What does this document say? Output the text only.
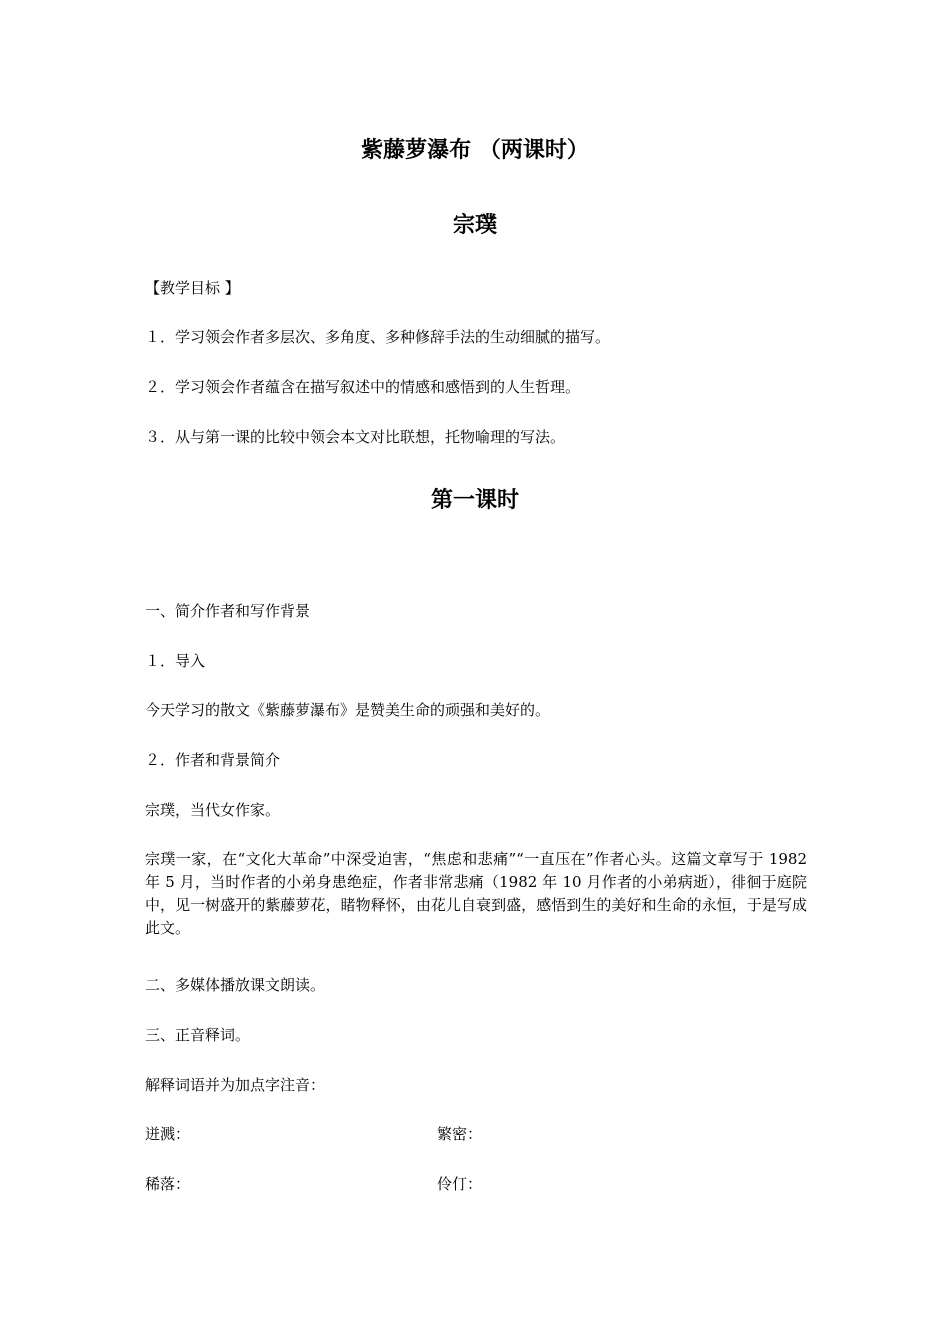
紫藤萝瀑布 （两课时）
宗璞
【教学目标 】
１．学习领会作者多层次、多角度、多种修辞手法的生动细腻的描写。
２．学习领会作者蕴含在描写叙述中的情感和感悟到的人生哲理。
３．从与第一课的比较中领会本文对比联想，托物喻理的写法。
第一课时
一、简介作者和写作背景
１．导入
今天学习的散文《紫藤萝瀑布》是赞美生命的顽强和美好的。
２．作者和背景简介
宗璞，当代女作家。
宗璞一家，在“文化大革命”中深受迫害，“焦虑和悲痛”“一直压在”作者心头。这篇文章写于 1982 年 5 月，当时作者的小弟身患绝症，作者非常悲痛（1982 年 10 月作者的小弟病逝），徘徊于庭院中，见一树盛开的紫藤萝花，睹物释怀，由花儿自衰到盛，感悟到生的美好和生命的永恒，于是写成此文。
二、多媒体播放课文朗读。
三、正音释词。
解释词语并为加点字注音：
迸溅：	繁密：
稀落：	伶仃：
